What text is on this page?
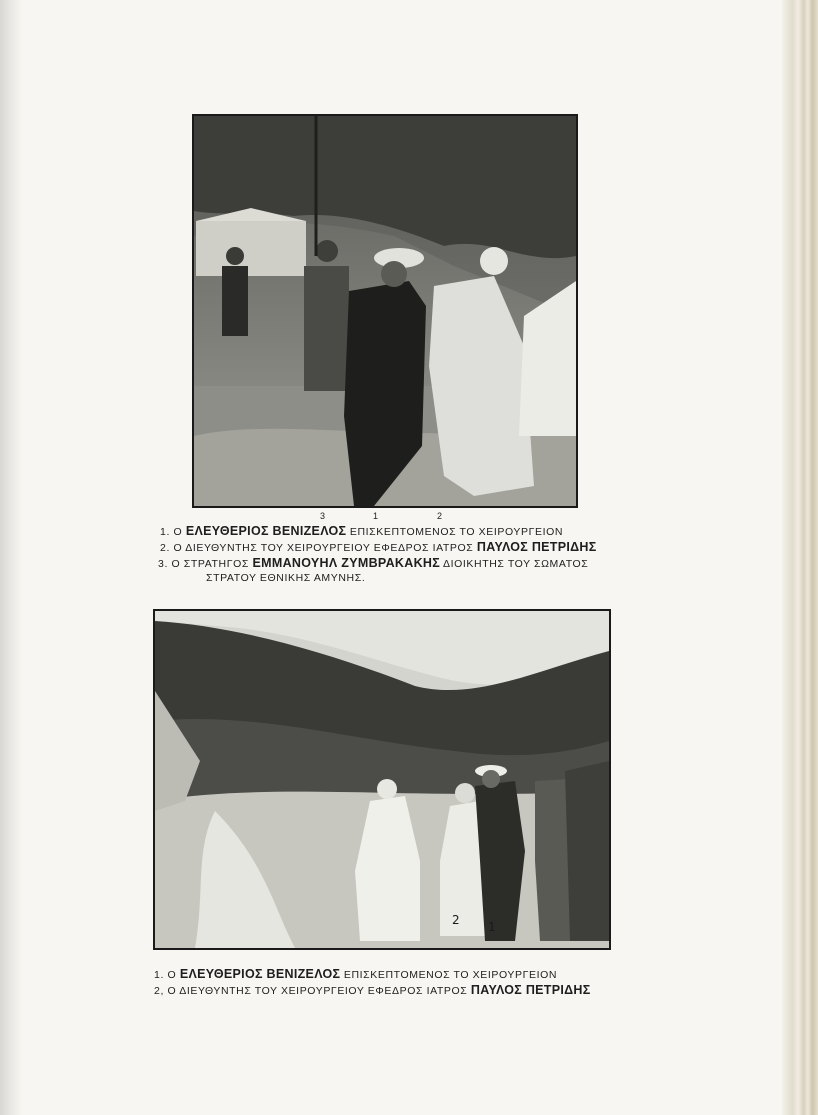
3	1	2
1. Ο ΕΛΕΥΘΕΡΙΟΣ ΒΕΝΙΖΕΛΟΣ ΕΠΙΣΚΕΠΤΟΜΕΝΟΣ ΤΟ ΧΕΙΡΟΥΡΓΕΙΟΝ
2. Ο ΔΙΕΥΘΥΝΤΗΣ ΤΟΥ ΧΕΙΡΟΥΡΓΕΙΟΥ ΕΦΕΔΡΟΣ ΙΑΤΡΟΣ ΠΑΥΛΟΣ ΠΕΤΡΙΔΗΣ
3. Ο ΣΤΡΑΤΗΓΟΣ ΕΜΜΑΝΟΥΗΛ ΖΥΜΒΡΑΚΑΚΗΣ ΔΙΟΙΚΗΤΗΣ ΤΟΥ ΣΩΜΑΤΟΣ
ΣΤΡΑΤΟΥ ΕΘΝΙΚΗΣ ΑΜΥΝΗΣ.
2 1
1. Ο ΕΛΕΥΘΕΡΙΟΣ ΒΕΝΙΖΕΛΟΣ ΕΠΙΣΚΕΠΤΟΜΕΝΟΣ ΤΟ ΧΕΙΡΟΥΡΓΕΙΟΝ
2, Ο ΔΙΕΥΘΥΝΤΗΣ ΤΟΥ ΧΕΙΡΟΥΡΓΕΙΟΥ ΕΦΕΔΡΟΣ ΙΑΤΡΟΣ ΠΑΥΛΟΣ ΠΕΤΡΙΔΗΣ
